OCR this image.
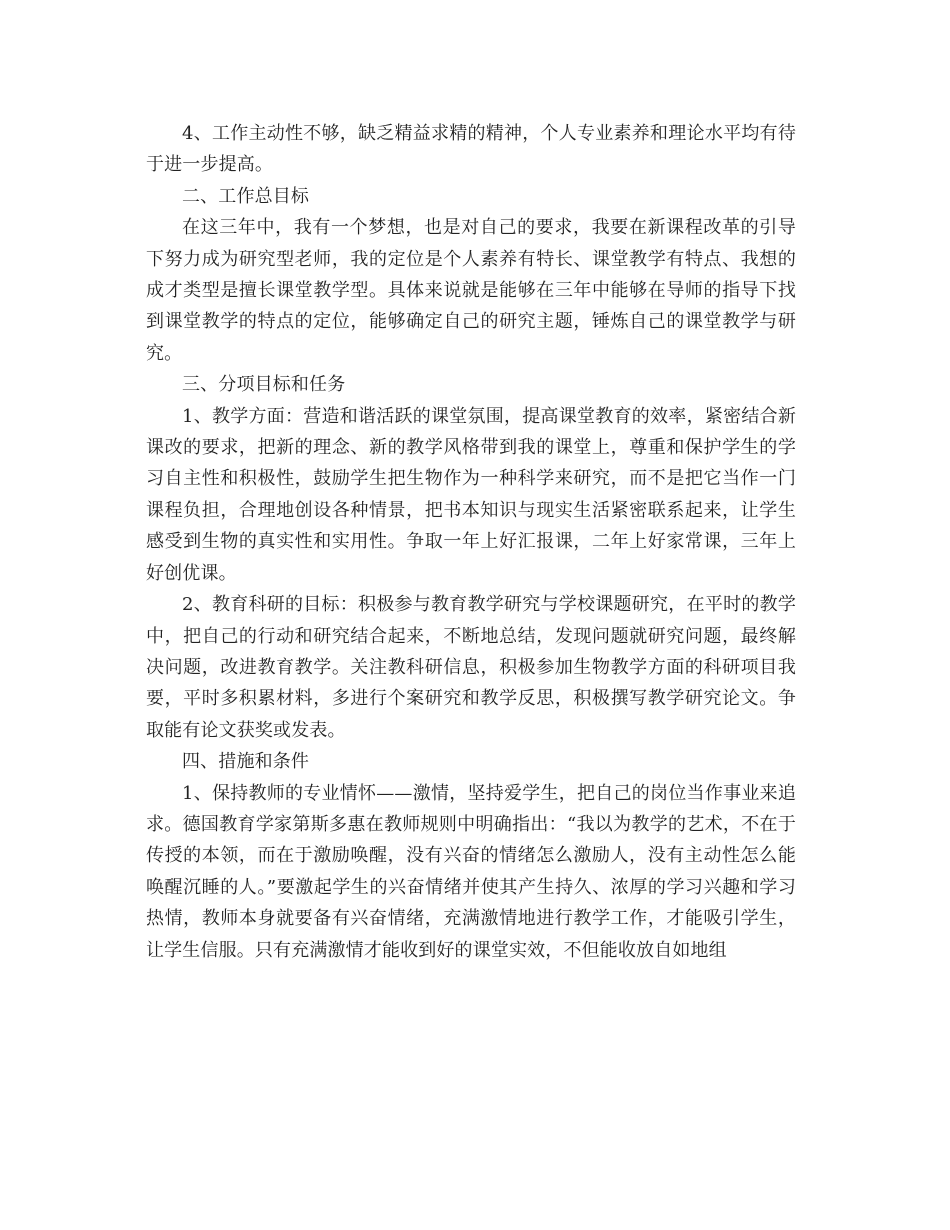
4、工作主动性不够，缺乏精益求精的精神，个人专业素养和理论水平均有待于进一步提高。

二、工作总目标

在这三年中，我有一个梦想，也是对自己的要求，我要在新课程改革的引导下努力成为研究型老师，我的定位是个人素养有特长、课堂教学有特点、我想的成才类型是擅长课堂教学型。具体来说就是能够在三年中能够在导师的指导下找到课堂教学的特点的定位，能够确定自己的研究主题，锤炼自己的课堂教学与研究。

三、分项目标和任务

1、教学方面：营造和谐活跃的课堂氛围，提高课堂教育的效率，紧密结合新课改的要求，把新的理念、新的教学风格带到我的课堂上，尊重和保护学生的学习自主性和积极性，鼓励学生把生物作为一种科学来研究，而不是把它当作一门课程负担，合理地创设各种情景，把书本知识与现实生活紧密联系起来，让学生感受到生物的真实性和实用性。争取一年上好汇报课，二年上好家常课，三年上好创优课。

2、教育科研的目标：积极参与教育教学研究与学校课题研究，在平时的教学中，把自己的行动和研究结合起来，不断地总结，发现问题就研究问题，最终解决问题，改进教育教学。关注教科研信息，积极参加生物教学方面的科研项目我要，平时多积累材料，多进行个案研究和教学反思，积极撰写教学研究论文。争取能有论文获奖或发表。

四、措施和条件

1、保持教师的专业情怀——激情，坚持爱学生，把自己的岗位当作事业来追求。德国教育学家第斯多惠在教师规则中明确指出：“我以为教学的艺术，不在于传授的本领，而在于激励唤醒，没有兴奋的情绪怎么激励人，没有主动性怎么能唤醒沉睡的人。”要激起学生的兴奋情绪并使其产生持久、浓厚的学习兴趣和学习热情，教师本身就要备有兴奋情绪，充满激情地进行教学工作，才能吸引学生，让学生信服。只有充满激情才能收到好的课堂实效，不但能收放自如地组
